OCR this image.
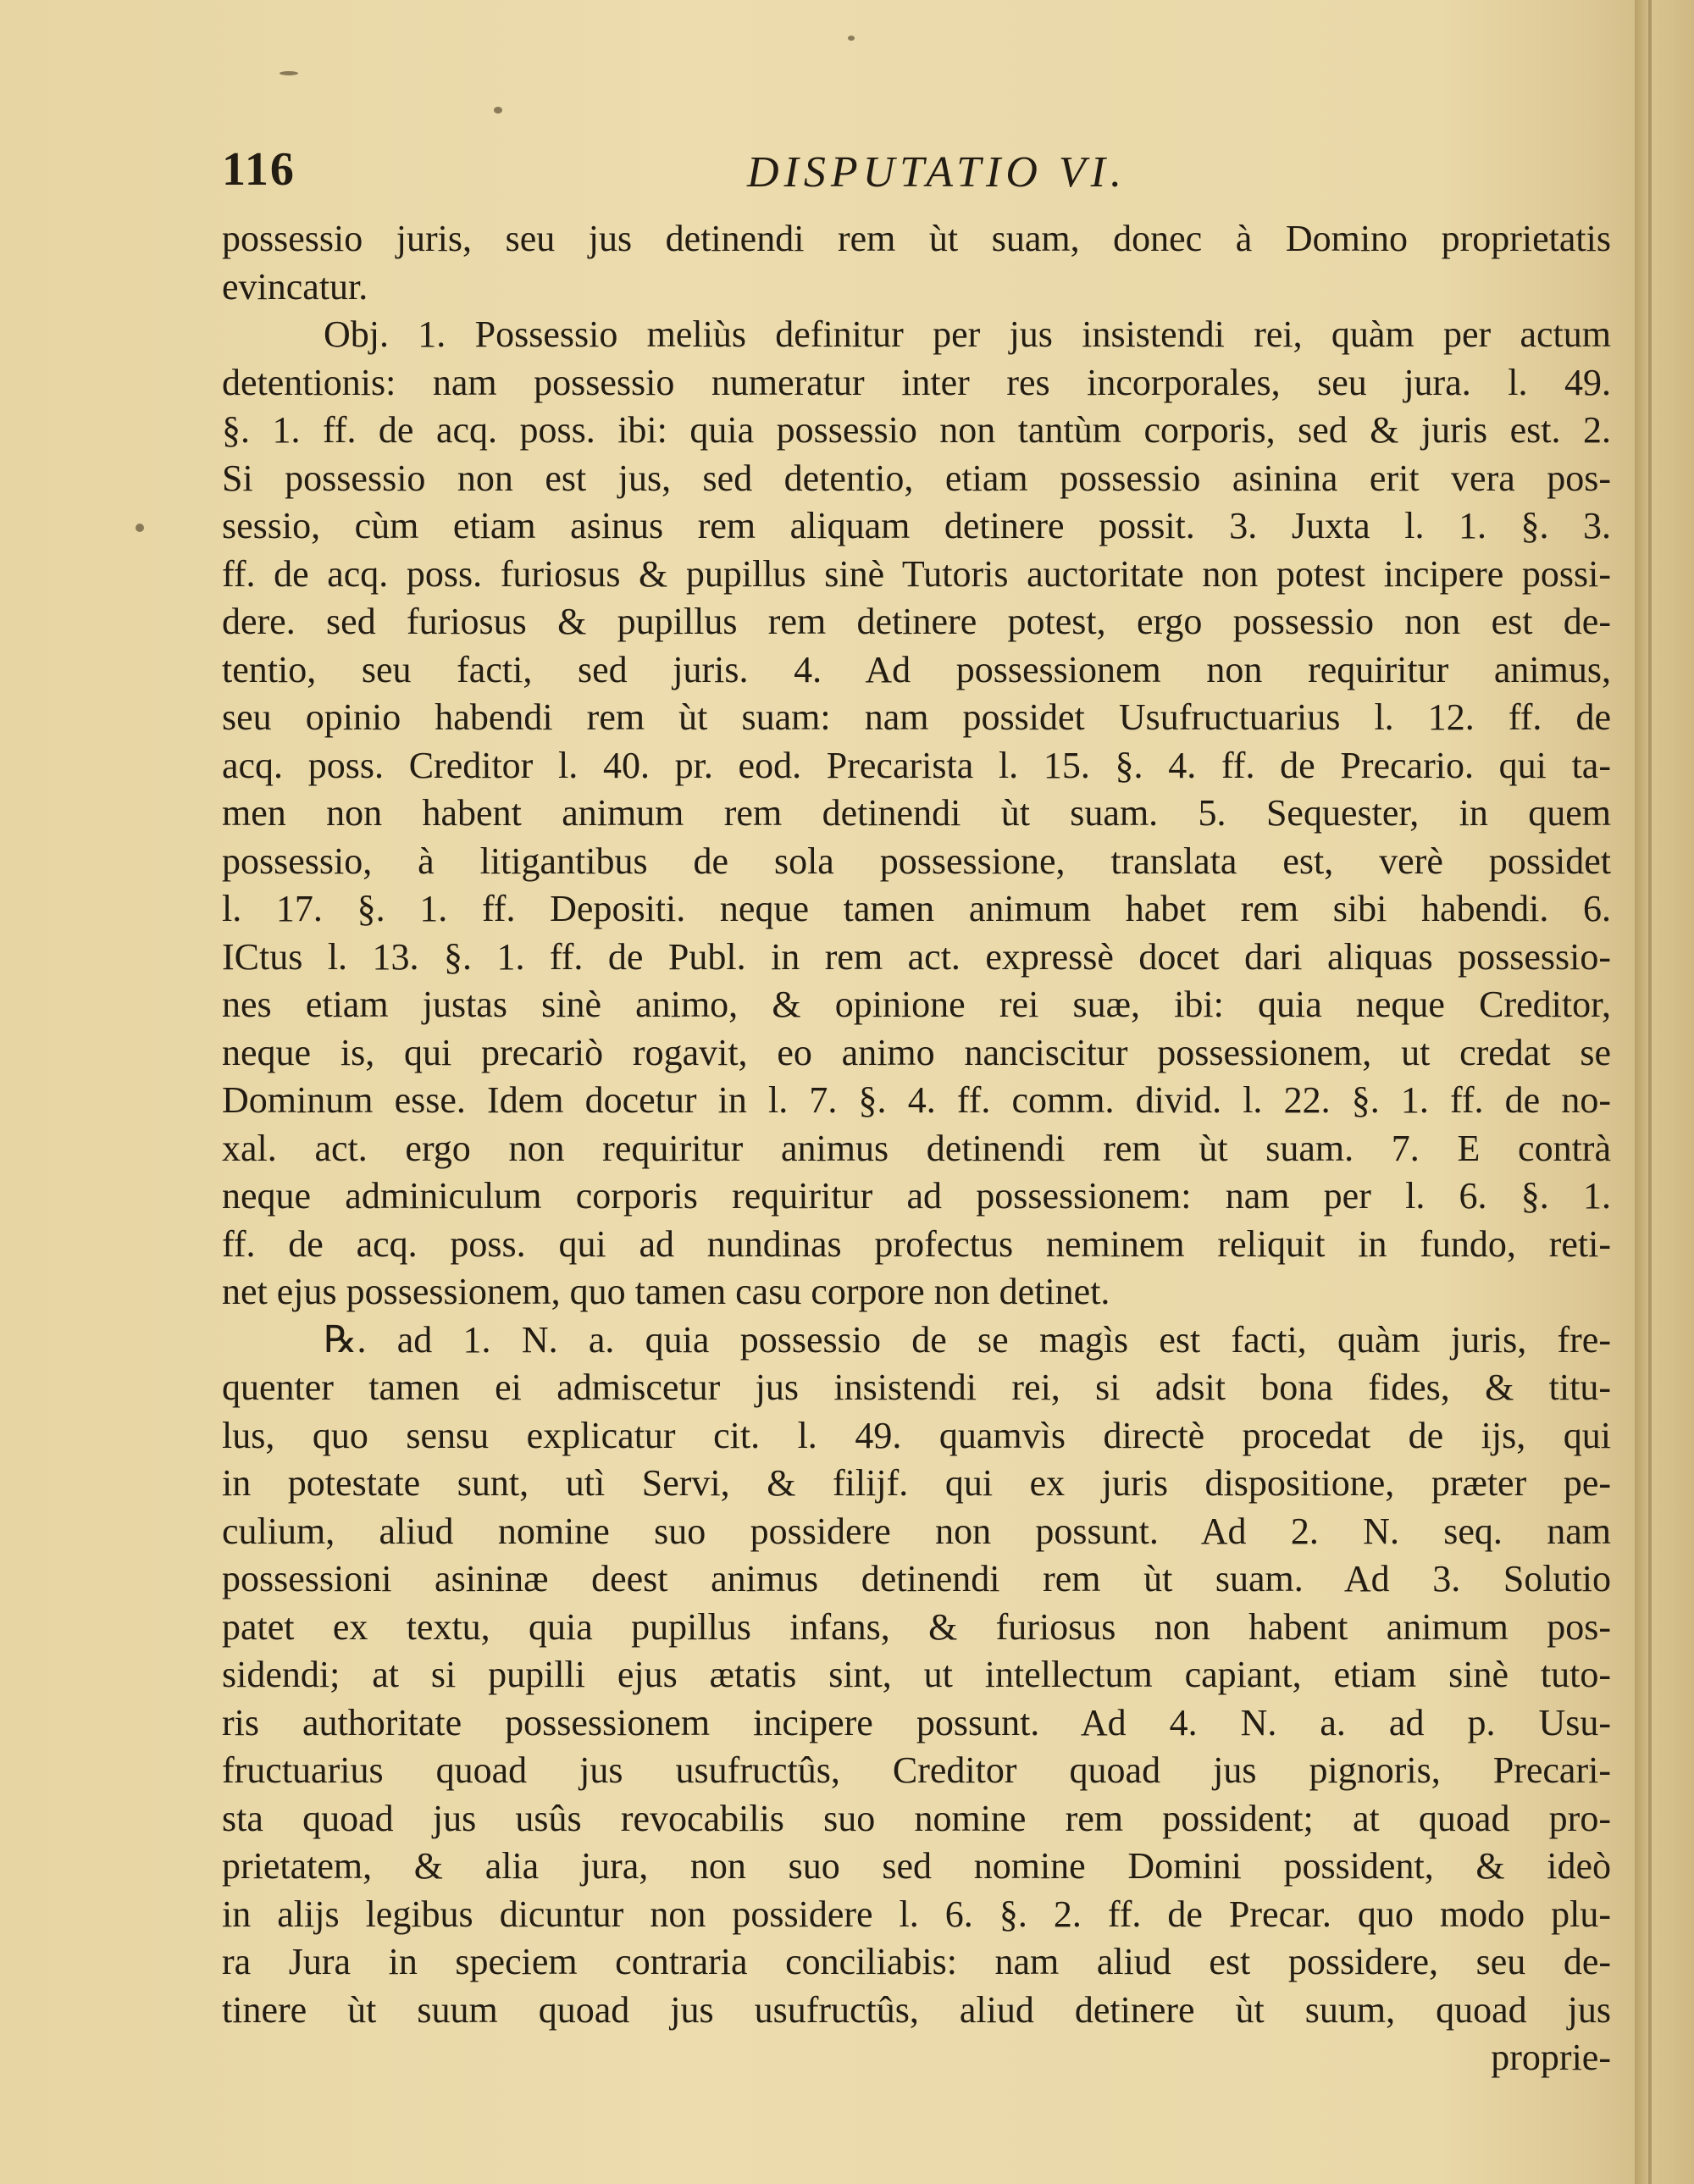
116	DISPUTATIO VI.
possessio juris, seu jus detinendi rem ùt suam, donec à Domino proprietatis
evincatur.
Obj. 1. Possessio meliùs definitur per jus insistendi rei, quàm per actum
detentionis: nam possessio numeratur inter res incorporales, seu jura. l. 49.
§. 1. ff. de acq. poss. ibi: quia possessio non tantùm corporis, sed & juris est. 2.
Si possessio non est jus, sed detentio, etiam possessio asinina erit vera pos-
sessio, cùm etiam asinus rem aliquam detinere possit. 3. Juxta l. 1. §. 3.
ff. de acq. poss. furiosus & pupillus sinè Tutoris auctoritate non potest incipere possi-
dere. sed furiosus & pupillus rem detinere potest, ergo possessio non est de-
tentio, seu facti, sed juris. 4. Ad possessionem non requiritur animus,
seu opinio habendi rem ùt suam: nam possidet Usufructuarius l. 12. ff. de
acq. poss. Creditor l. 40. pr. eod. Precarista l. 15. §. 4. ff. de Precario. qui ta-
men non habent animum rem detinendi ùt suam. 5. Sequester, in quem
possessio, à litigantibus de sola possessione, translata est, verè possidet
l. 17. §. 1. ff. Depositi. neque tamen animum habet rem sibi habendi. 6.
ICtus l. 13. §. 1. ff. de Publ. in rem act. expressè docet dari aliquas possessio-
nes etiam justas sinè animo, & opinione rei suæ, ibi: quia neque Creditor,
neque is, qui precariò rogavit, eo animo nanciscitur possessionem, ut credat se
Dominum esse. Idem docetur in l. 7. §. 4. ff. comm. divid. l. 22. §. 1. ff. de no-
xal. act. ergo non requiritur animus detinendi rem ùt suam. 7. E contrà
neque adminiculum corporis requiritur ad possessionem: nam per l. 6. §. 1.
ff. de acq. poss. qui ad nundinas profectus neminem reliquit in fundo, reti-
net ejus possessionem, quo tamen casu corpore non detinet.
℞. ad 1. N. a. quia possessio de se magìs est facti, quàm juris, fre-
quenter tamen ei admiscetur jus insistendi rei, si adsit bona fides, & titu-
lus, quo sensu explicatur cit. l. 49. quamvìs directè procedat de ijs, qui
in potestate sunt, utì Servi, & filijf. qui ex juris dispositione, præter pe-
culium, aliud nomine suo possidere non possunt. Ad 2. N. seq. nam
possessioni asininæ deest animus detinendi rem ùt suam. Ad 3. Solutio
patet ex textu, quia pupillus infans, & furiosus non habent animum pos-
sidendi; at si pupilli ejus ætatis sint, ut intellectum capiant, etiam sinè tuto-
ris authoritate possessionem incipere possunt. Ad 4. N. a. ad p. Usu-
fructuarius quoad jus usufructûs, Creditor quoad jus pignoris, Precari-
sta quoad jus usûs revocabilis suo nomine rem possident; at quoad pro-
prietatem, & alia jura, non suo sed nomine Domini possident, & ideò
in alijs legibus dicuntur non possidere l. 6. §. 2. ff. de Precar. quo modo plu-
ra Jura in speciem contraria conciliabis: nam aliud est possidere, seu de-
tinere ùt suum quoad jus usufructûs, aliud detinere ùt suum, quoad jus
proprie-
